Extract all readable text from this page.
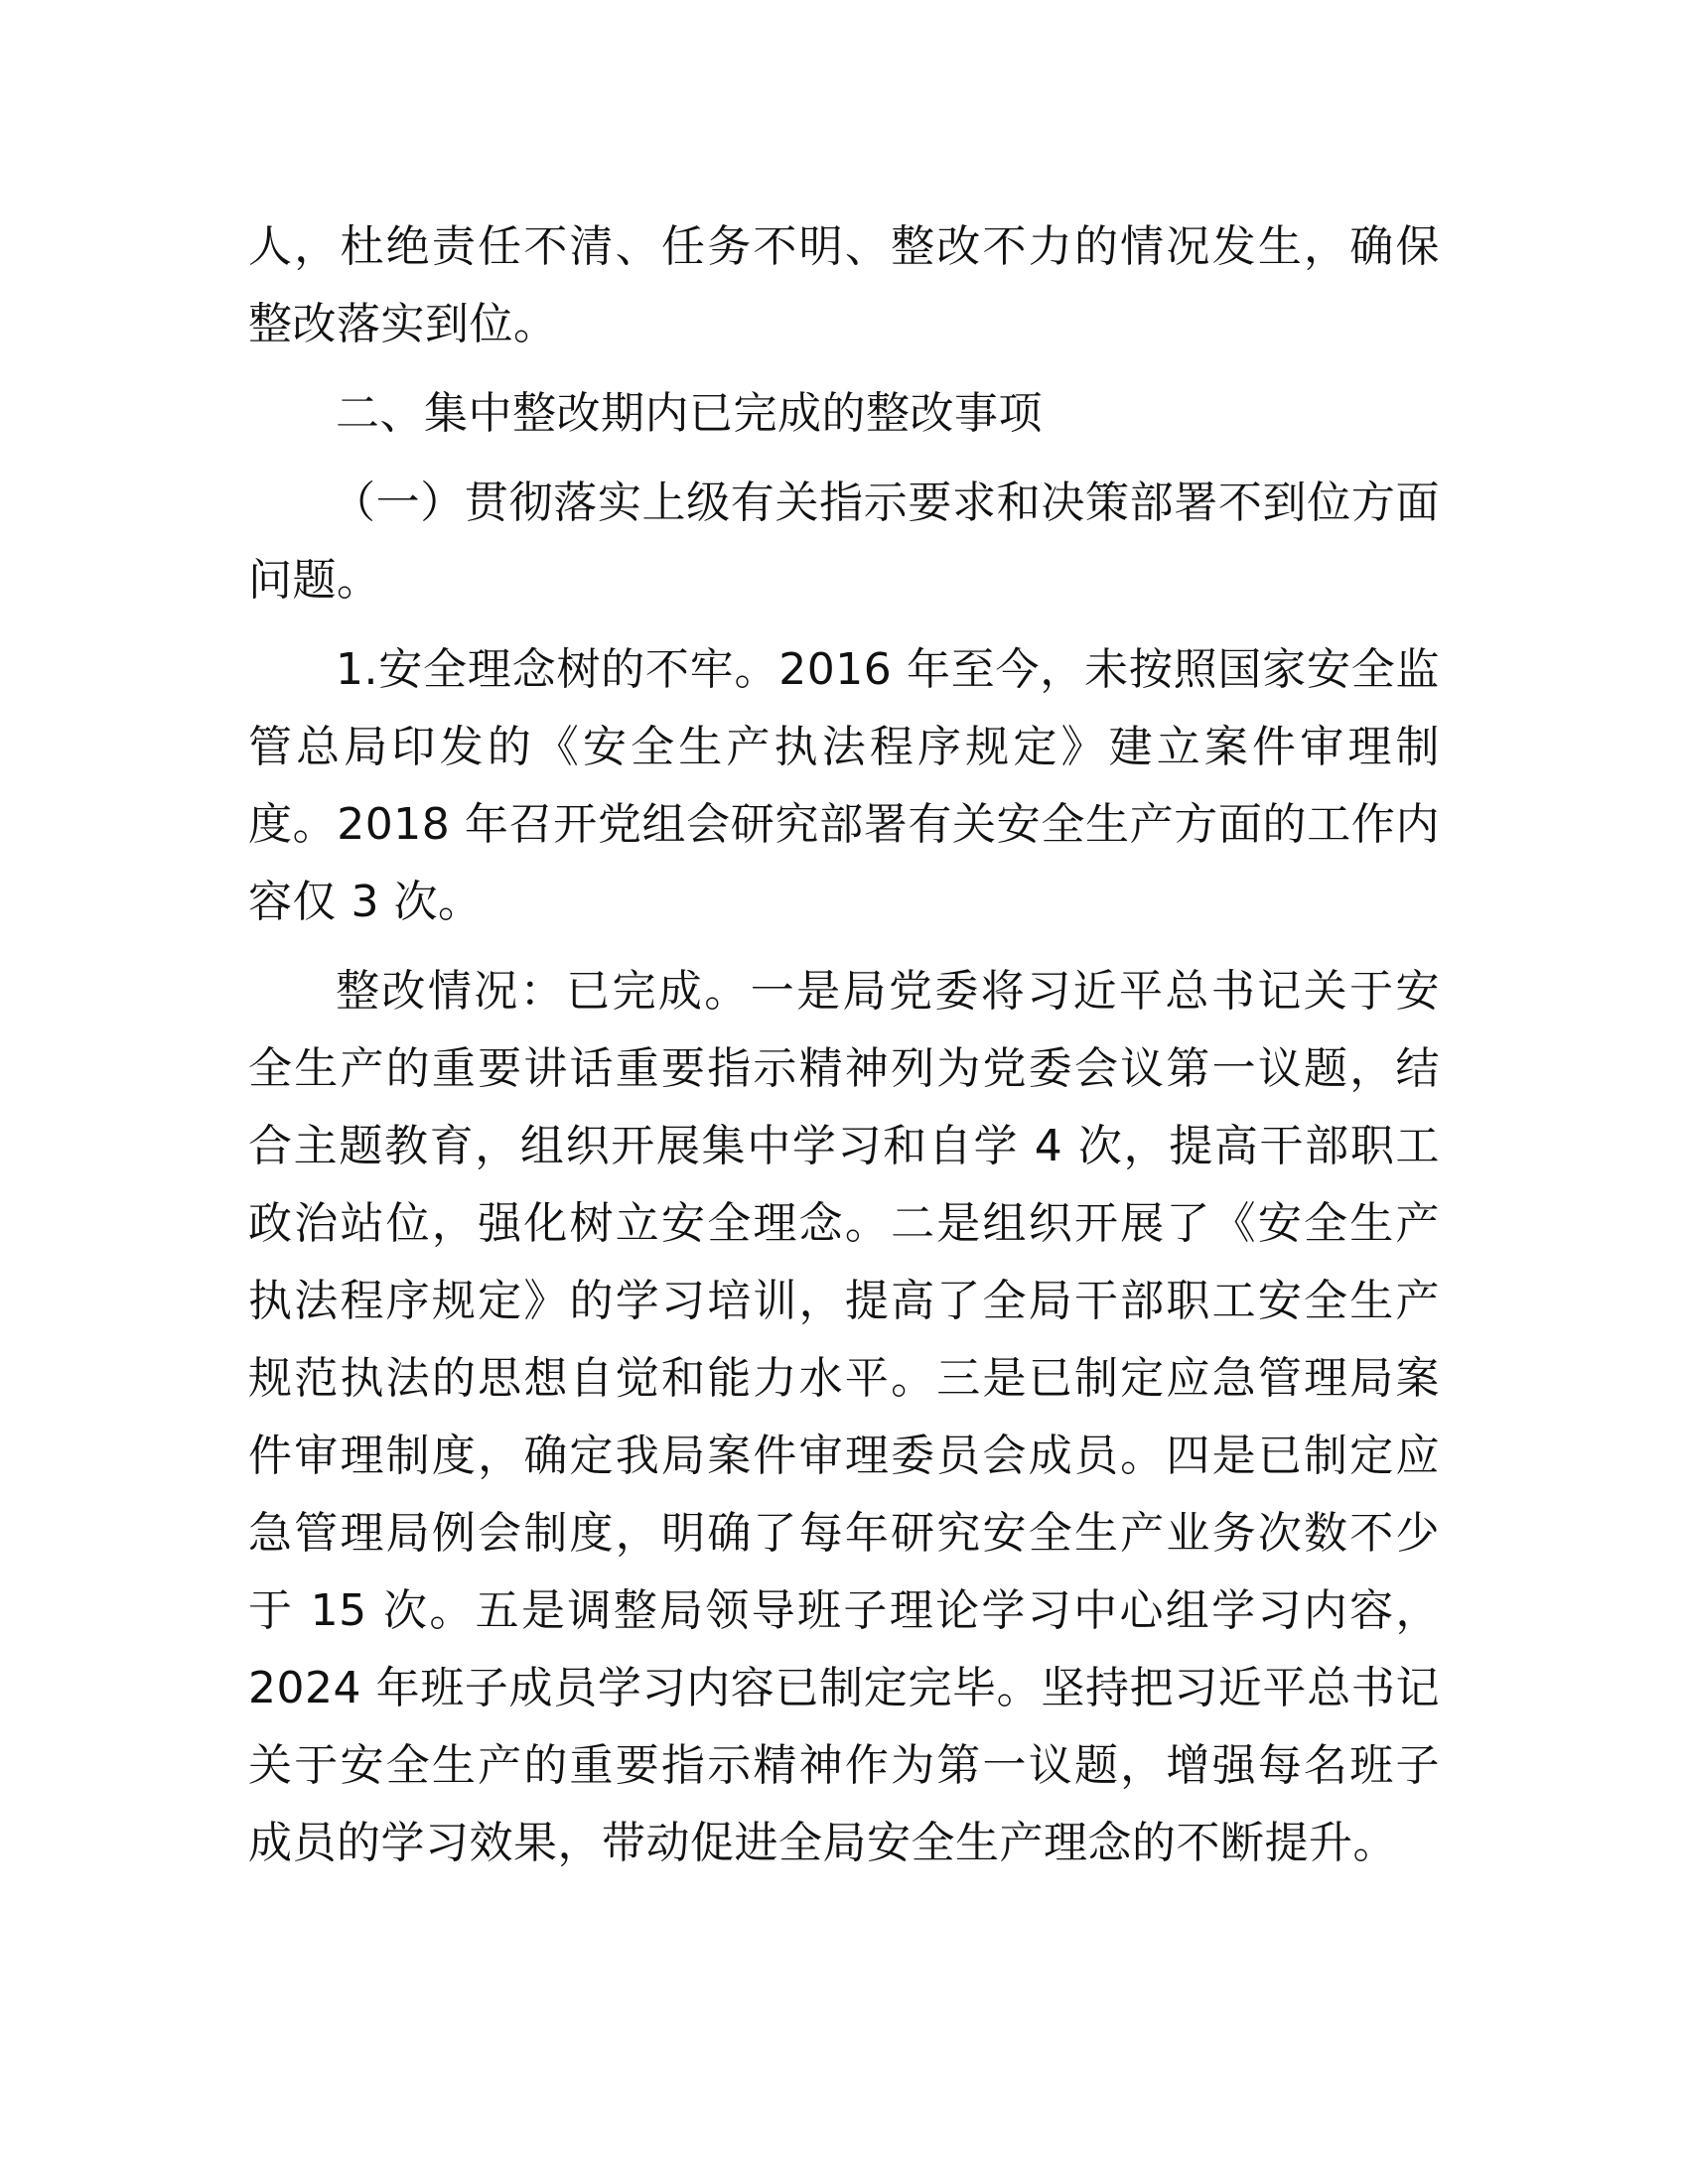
人，杜绝责任不清、任务不明、整改不力的情况发生，确保整改落实到位。

二、集中整改期内已完成的整改事项

（一）贯彻落实上级有关指示要求和决策部署不到位方面问题。

1.安全理念树的不牢。2016 年至今，未按照国家安全监管总局印发的《安全生产执法程序规定》建立案件审理制度。2018 年召开党组会研究部署有关安全生产方面的工作内容仅 3 次。

整改情况：已完成。一是局党委将习近平总书记关于安全生产的重要讲话重要指示精神列为党委会议第一议题，结合主题教育，组织开展集中学习和自学 4 次，提高干部职工政治站位，强化树立安全理念。二是组织开展了《安全生产执法程序规定》的学习培训，提高了全局干部职工安全生产规范执法的思想自觉和能力水平。三是已制定应急管理局案件审理制度，确定我局案件审理委员会成员。四是已制定应急管理局例会制度，明确了每年研究安全生产业务次数不少于 15 次。五是调整局领导班子理论学习中心组学习内容，2024 年班子成员学习内容已制定完毕。坚持把习近平总书记关于安全生产的重要指示精神作为第一议题，增强每名班子成员的学习效果，带动促进全局安全生产理念的不断提升。
